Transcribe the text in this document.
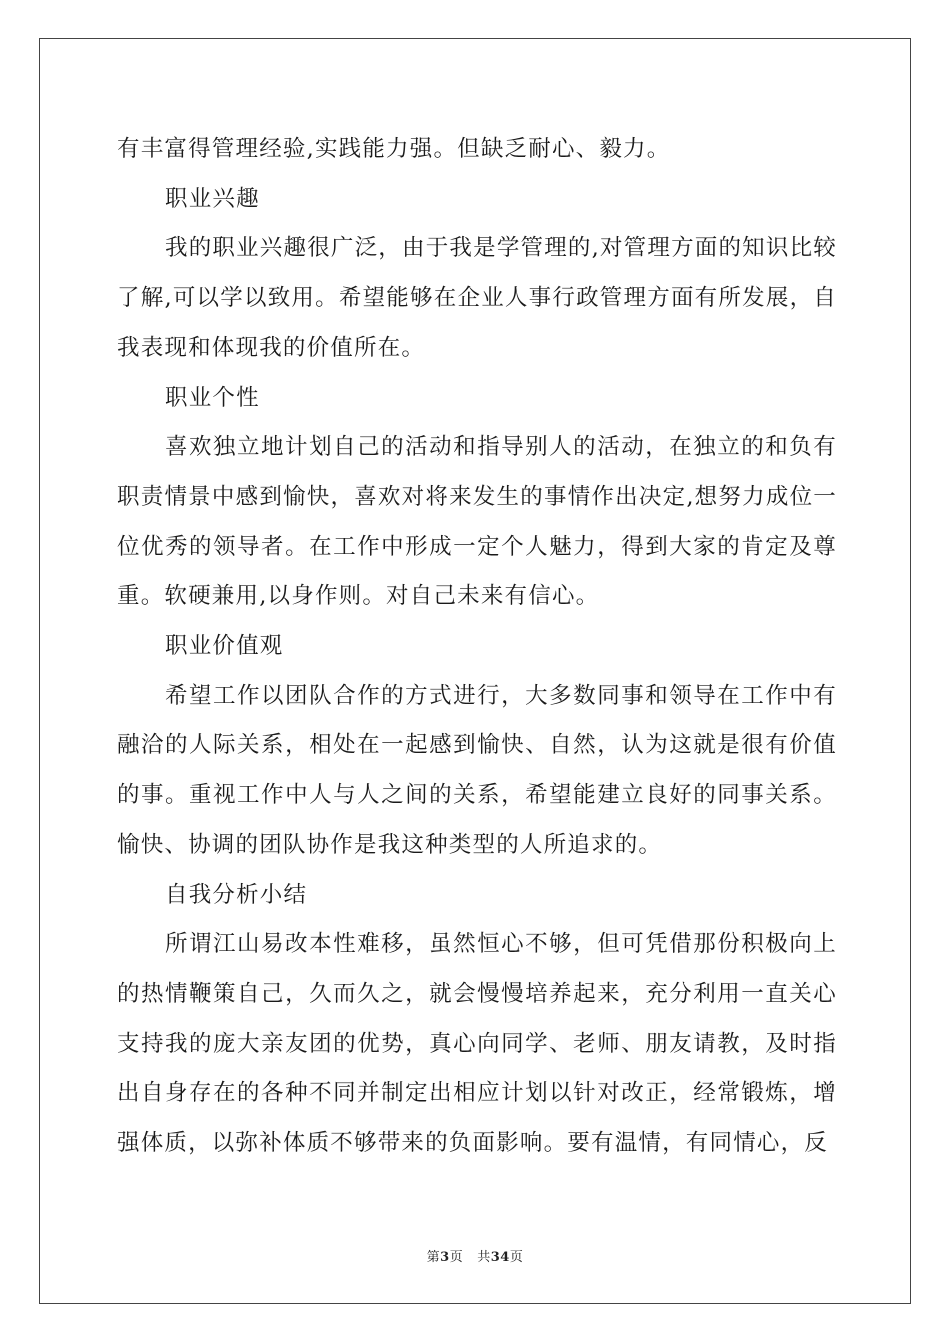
有丰富得管理经验,实践能力强。但缺乏耐心、毅力。

职业兴趣

我的职业兴趣很广泛，由于我是学管理的,对管理方面的知识比较了解,可以学以致用。希望能够在企业人事行政管理方面有所发展，自我表现和体现我的价值所在。

职业个性

喜欢独立地计划自己的活动和指导别人的活动，在独立的和负有职责情景中感到愉快，喜欢对将来发生的事情作出决定,想努力成位一位优秀的领导者。在工作中形成一定个人魅力，得到大家的肯定及尊重。软硬兼用,以身作则。对自己未来有信心。

职业价值观

希望工作以团队合作的方式进行，大多数同事和领导在工作中有融洽的人际关系，相处在一起感到愉快、自然，认为这就是很有价值的事。重视工作中人与人之间的关系，希望能建立良好的同事关系。愉快、协调的团队协作是我这种类型的人所追求的。

自我分析小结

所谓江山易改本性难移，虽然恒心不够，但可凭借那份积极向上的热情鞭策自己，久而久之，就会慢慢培养起来，充分利用一直关心支持我的庞大亲友团的优势，真心向同学、老师、朋友请教，及时指出自身存在的各种不同并制定出相应计划以针对改正，经常锻炼，增强体质，以弥补体质不够带来的负面影响。要有温情，有同情心，反

第3页 共34页
